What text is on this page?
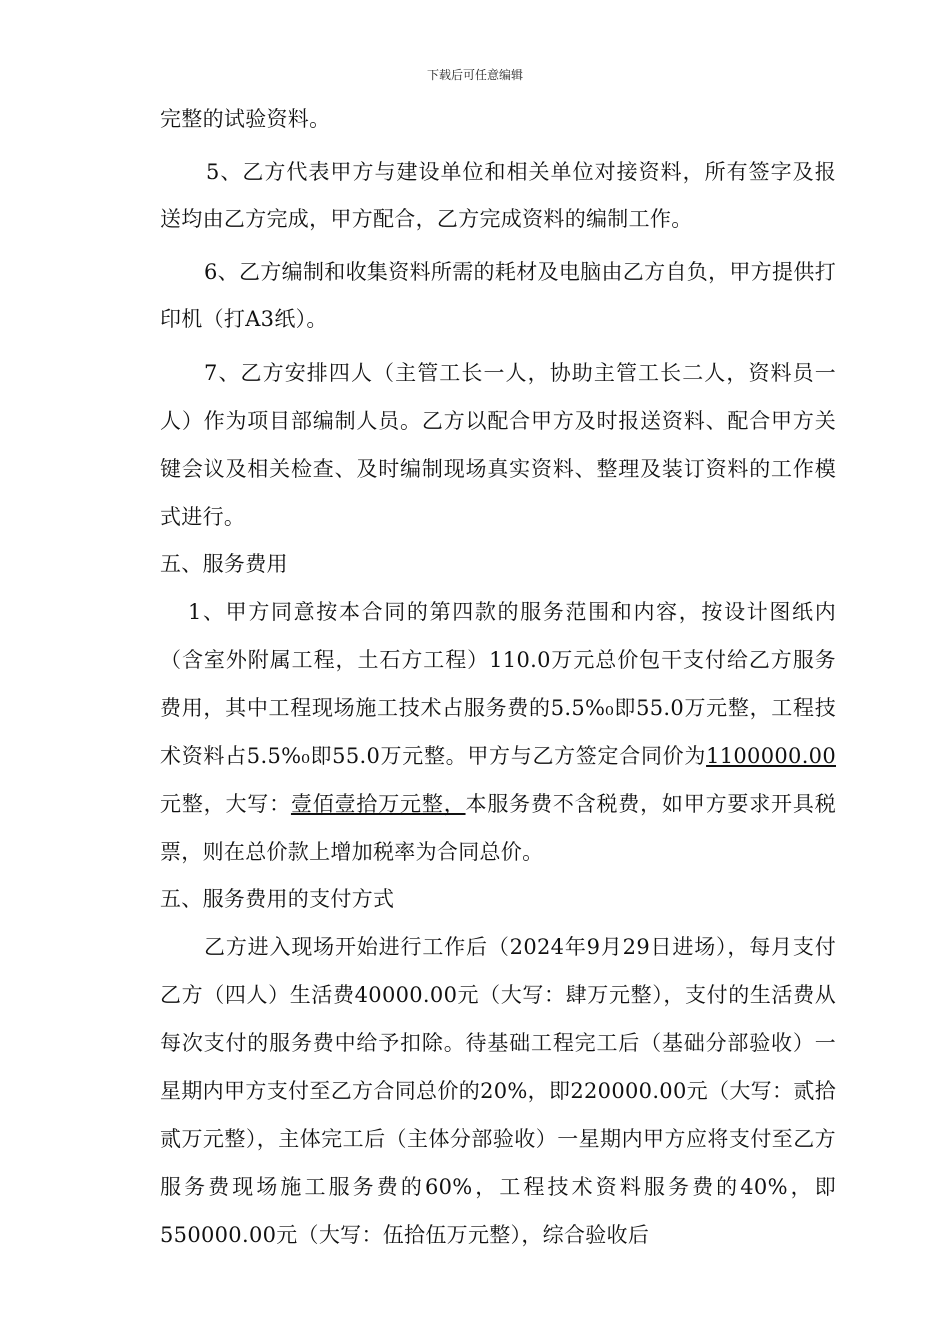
下载后可任意编辑

完整的试验资料。

5、乙方代表甲方与建设单位和相关单位对接资料，所有签字及报送均由乙方完成，甲方配合，乙方完成资料的编制工作。

6、乙方编制和收集资料所需的耗材及电脑由乙方自负，甲方提供打印机（打A3纸）。

7、乙方安排四人（主管工长一人，协助主管工长二人，资料员一人）作为项目部编制人员。乙方以配合甲方及时报送资料、配合甲方关键会议及相关检查、及时编制现场真实资料、整理及装订资料的工作模式进行。

五、服务费用

1、甲方同意按本合同的第四款的服务范围和内容，按设计图纸内（含室外附属工程，土石方工程）110.0万元总价包干支付给乙方服务费用，其中工程现场施工技术占服务费的5.5%₀即55.0万元整，工程技术资料占5.5%₀即55.0万元整。甲方与乙方签定合同价为1100000.00 元整，大写：壹佰壹拾万元整，本服务费不含税费，如甲方要求开具税票，则在总价款上增加税率为合同总价。

五、服务费用的支付方式

乙方进入现场开始进行工作后（2024年9月29日进场），每月支付乙方（四人）生活费40000.00元（大写：肆万元整），支付的生活费从每次支付的服务费中给予扣除。待基础工程完工后（基础分部验收）一星期内甲方支付至乙方合同总价的20%，即220000.00元（大写：贰拾贰万元整），主体完工后（主体分部验收）一星期内甲方应将支付至乙方服务费现场施工服务费的60%，工程技术资料服务费的40%，即550000.00元（大写：伍拾伍万元整），综合验收后
